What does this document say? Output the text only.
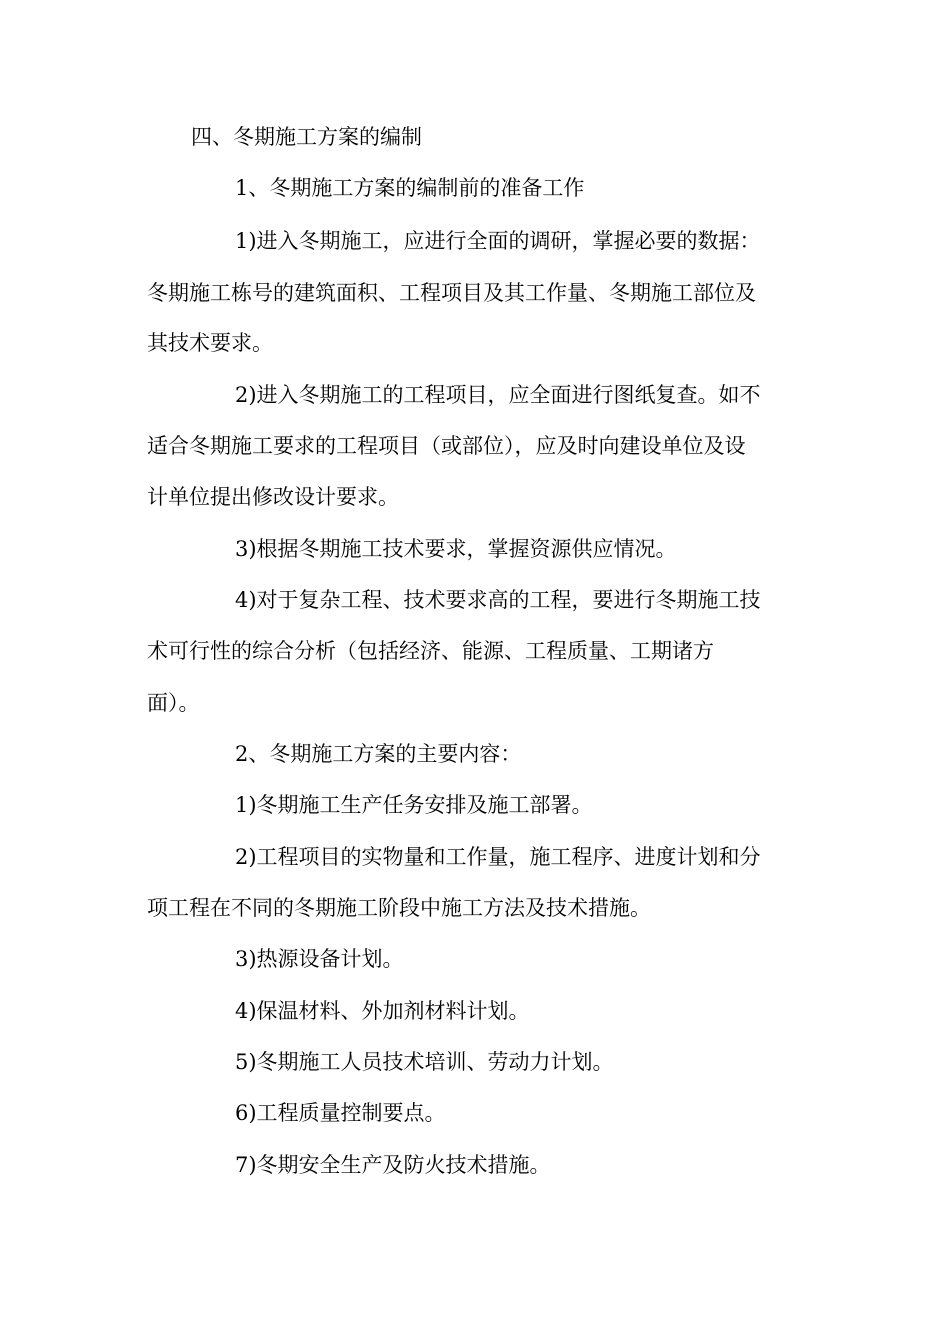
四、冬期施工方案的编制
1、冬期施工方案的编制前的准备工作
1)进入冬期施工，应进行全面的调研，掌握必要的数据：
冬期施工栋号的建筑面积、工程项目及其工作量、冬期施工部位及
其技术要求。
2)进入冬期施工的工程项目，应全面进行图纸复查。如不
适合冬期施工要求的工程项目（或部位），应及时向建设单位及设
计单位提出修改设计要求。
3)根据冬期施工技术要求，掌握资源供应情况。
4)对于复杂工程、技术要求高的工程，要进行冬期施工技
术可行性的综合分析（包括经济、能源、工程质量、工期诸方
面）。
2、冬期施工方案的主要内容：
1)冬期施工生产任务安排及施工部署。
2)工程项目的实物量和工作量，施工程序、进度计划和分
项工程在不同的冬期施工阶段中施工方法及技术措施。
3)热源设备计划。
4)保温材料、外加剂材料计划。
5)冬期施工人员技术培训、劳动力计划。
6)工程质量控制要点。
7)冬期安全生产及防火技术措施。
